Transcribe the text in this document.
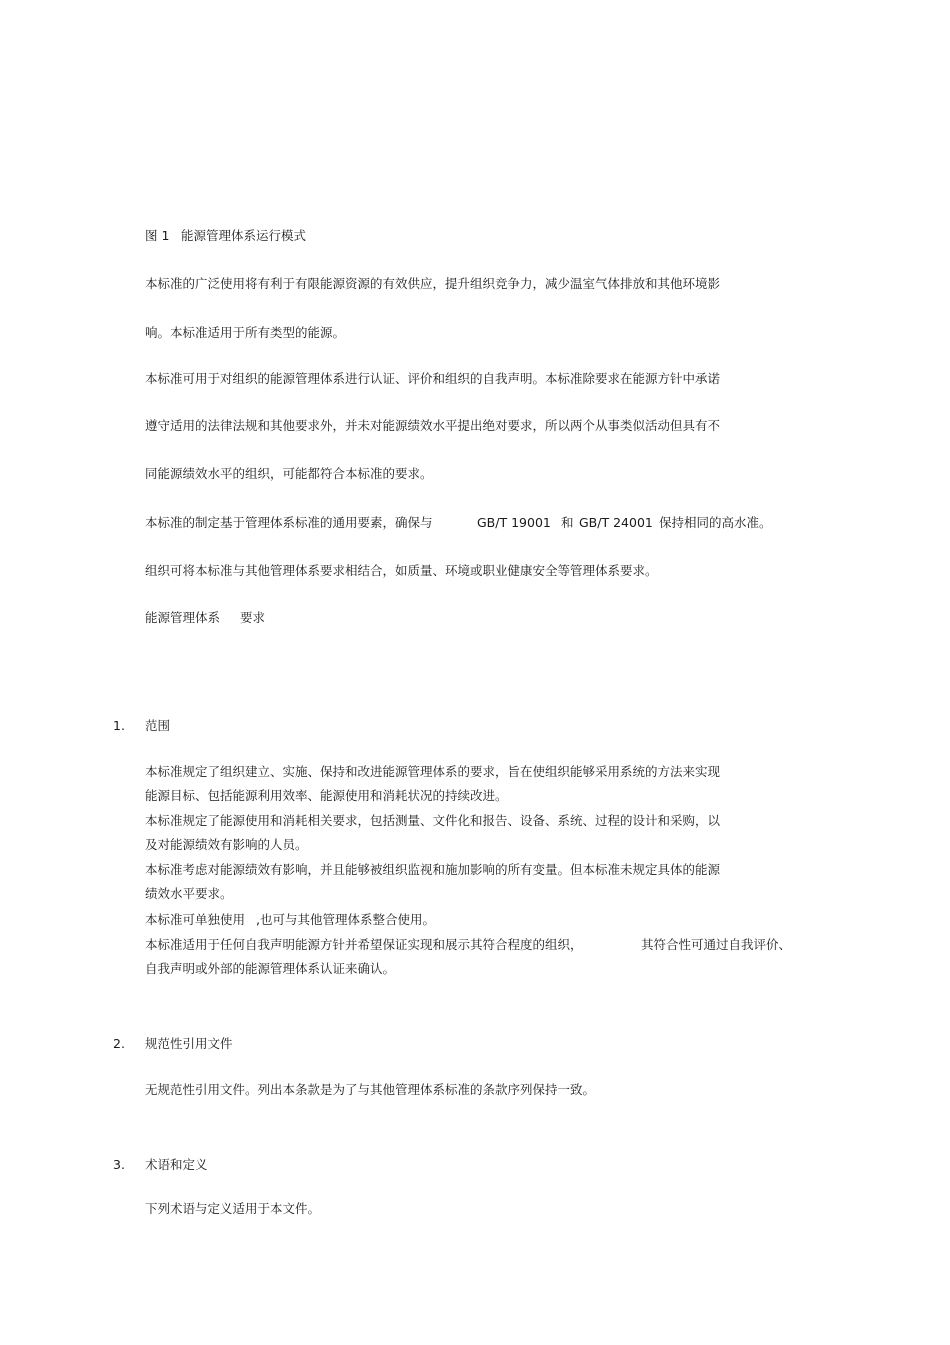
图 1 能源管理体系运行模式
本标准的广泛使用将有利于有限能源资源的有效供应，提升组织竞争力，减少温室气体排放和其他环境影
响。本标准适用于所有类型的能源。
本标准可用于对组织的能源管理体系进行认证、评价和组织的自我声明。本标准除要求在能源方针中承诺
遵守适用的法律法规和其他要求外，并未对能源绩效水平提出绝对要求，所以两个从事类似活动但具有不
同能源绩效水平的组织，可能都符合本标准的要求。
本标准的制定基于管理体系标准的通用要素，确保与	GB/T 19001 和 GB/T 24001 保持相同的高水准。
组织可将本标准与其他管理体系要求相结合，如质量、环境或职业健康安全等管理体系要求。
能源管理体系 要求
1. 范围
本标准规定了组织建立、实施、保持和改进能源管理体系的要求，旨在使组织能够采用系统的方法来实现
能源目标、包括能源利用效率、能源使用和消耗状况的持续改进。
本标准规定了能源使用和消耗相关要求，包括测量、文件化和报告、设备、系统、过程的设计和采购，以
及对能源绩效有影响的人员。
本标准考虑对能源绩效有影响，并且能够被组织监视和施加影响的所有变量。但本标准未规定具体的能源
绩效水平要求。
本标准可单独使用 ,也可与其他管理体系整合使用。
本标准适用于任何自我声明能源方针并希望保证实现和展示其符合程度的组织，	其符合性可通过自我评价、
自我声明或外部的能源管理体系认证来确认。
2. 规范性引用文件
无规范性引用文件。列出本条款是为了与其他管理体系标准的条款序列保持一致。
3. 术语和定义
下列术语与定义适用于本文件。
